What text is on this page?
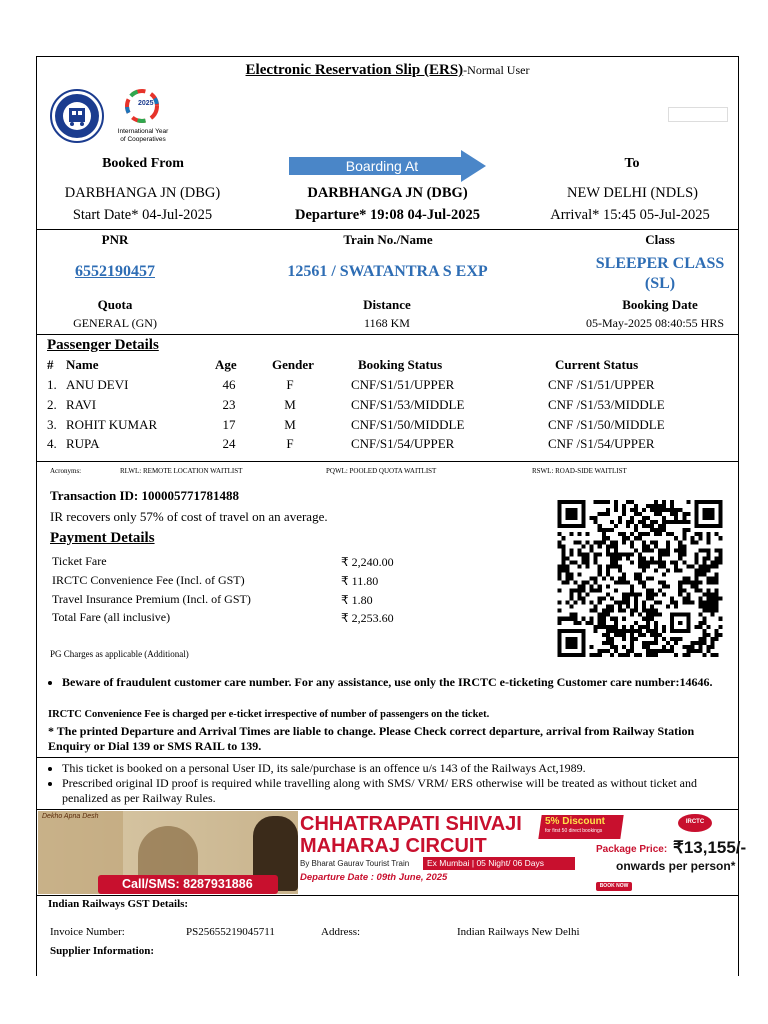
Electronic Reservation Slip (ERS)-Normal User
2025
International Year
of Cooperatives
Booked From	Boarding At	To
DARBHANGA JN (DBG)	DARBHANGA JN (DBG)	NEW DELHI (NDLS)
Start Date* 04-Jul-2025	Departure* 19:08 04-Jul-2025	Arrival* 15:45 05-Jul-2025
PNR	Train No./Name	Class
6552190457	12561 / SWATANTRA S EXP	SLEEPER CLASS
(SL)
Quota	Distance	Booking Date
GENERAL (GN)	1168 KM	05-May-2025 08:40:55 HRS
Passenger Details
# Name	Age	Gender	Booking Status	Current Status
1. ANU DEVI	46	F	CNF/S1/51/UPPER	CNF /S1/51/UPPER
2. RAVI	23	M	CNF/S1/53/MIDDLE	CNF /S1/53/MIDDLE
3. ROHIT KUMAR	17	M	CNF/S1/50/MIDDLE	CNF /S1/50/MIDDLE
4. RUPA	24	F	CNF/S1/54/UPPER	CNF /S1/54/UPPER
Acronyms:	RLWL: REMOTE LOCATION WAITLIST	PQWL: POOLED QUOTA WAITLIST	RSWL: ROAD-SIDE WAITLIST
Transaction ID: 100005771781488
IR recovers only 57% of cost of travel on an average.
Payment Details
Ticket Fare	₹ 2,240.00
IRCTC Convenience Fee (Incl. of GST)	₹ 11.80
Travel Insurance Premium (Incl. of GST)	₹ 1.80
Total Fare (all inclusive)	₹ 2,253.60
PG Charges as applicable (Additional)
• Beware of fraudulent customer care number. For any assistance, use only the IRCTC e-ticketing Customer care number:14646.
IRCTC Convenience Fee is charged per e-ticket irrespective of number of passengers on the ticket.
* The printed Departure and Arrival Times are liable to change. Please Check correct departure, arrival from Railway Station Enquiry or Dial 139 or SMS RAIL to 139.
• This ticket is booked on a personal User ID, its sale/purchase is an offence u/s 143 of the Railways Act,1989.
• Prescribed original ID proof is required while travelling along with SMS/ VRM/ ERS otherwise will be treated as without ticket and penalized as per Railway Rules.
Dekho Apna Desh
Call/SMS: 8287931886
CHHATRAPATI SHIVAJI
MAHARAJ CIRCUIT
5% Discount
for first 50 direct bookings
By Bharat Gaurav Tourist Train Ex Mumbai | 05 Night/ 06 Days
Departure Date : 09th June, 2025
IRCTC
Package Price: ₹13,155/-
onwards per person*
BOOK NOW
Indian Railways GST Details:
Invoice Number:	PS25655219045711	Address:	Indian Railways New Delhi
Supplier Information:
